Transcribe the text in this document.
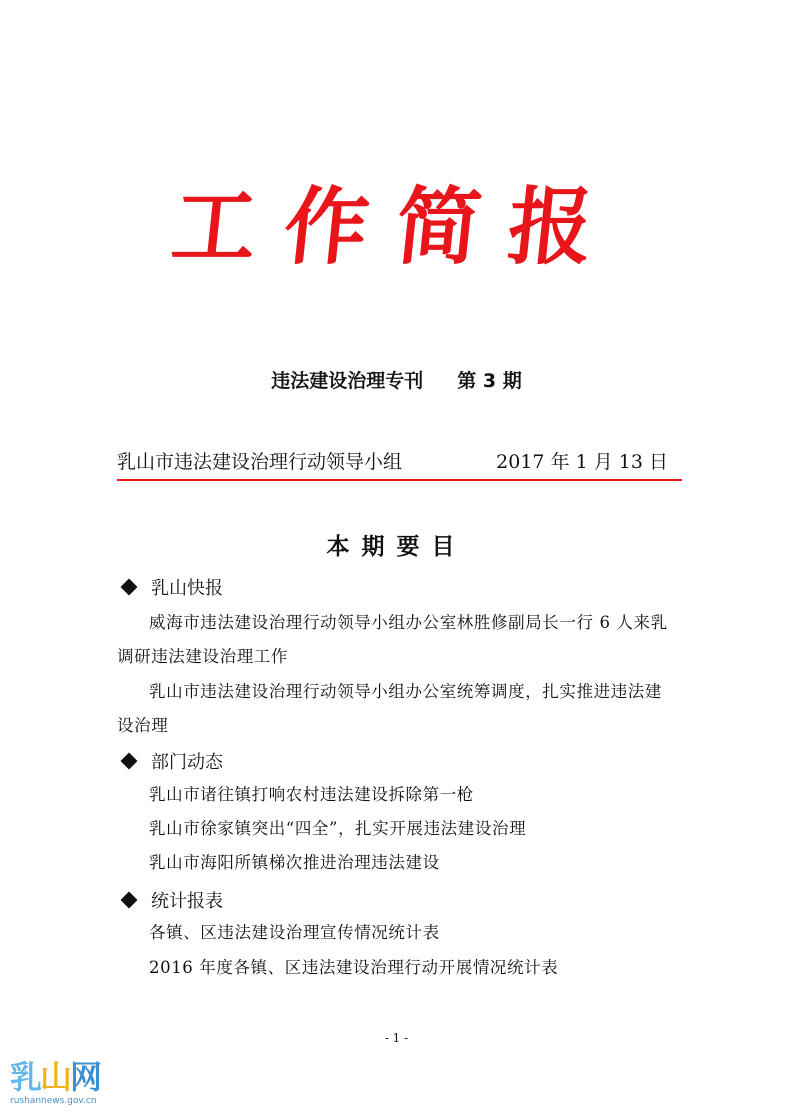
工作简报
违法建设治理专刊 第 3 期
乳山市违法建设治理行动领导小组	2017 年 1 月 13 日
本期要目
乳山快报
威海市违法建设治理行动领导小组办公室林胜修副局长一行 6 人来乳调研违法建设治理工作
乳山市违法建设治理行动领导小组办公室统筹调度，扎实推进违法建设治理
部门动态
乳山市诸往镇打响农村违法建设拆除第一枪
乳山市徐家镇突出“四全”，扎实开展违法建设治理
乳山市海阳所镇梯次推进治理违法建设
统计报表
各镇、区违法建设治理宣传情况统计表
2016 年度各镇、区违法建设治理行动开展情况统计表
- 1 -
乳山网
rushannews.gov.cn
